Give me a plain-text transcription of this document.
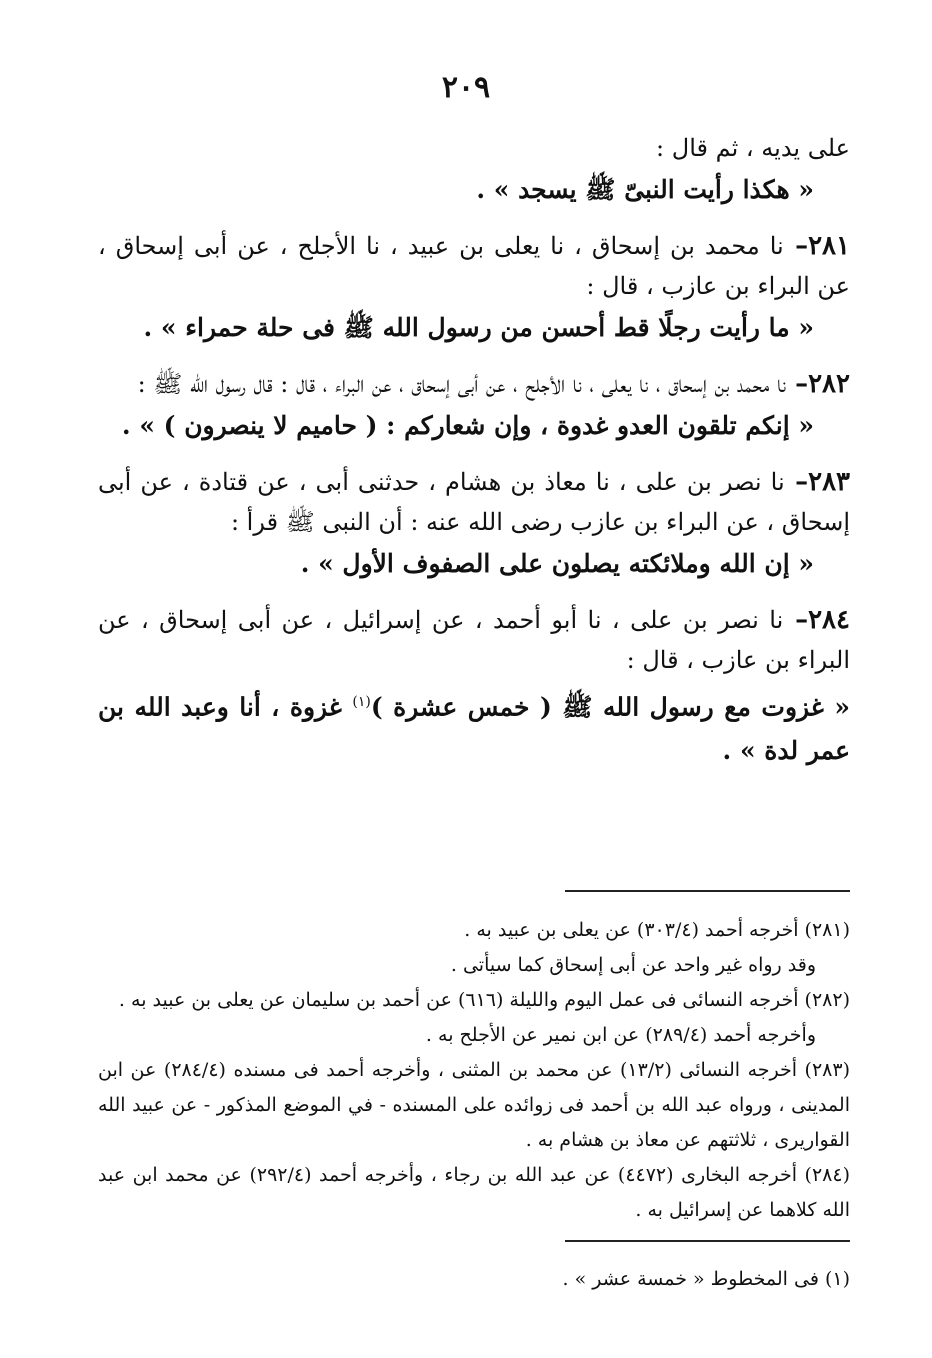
٢٠٩

على يديه ، ثم قال :

« هكذا رأيت النبىّ ﷺ يسجد » .

٢٨١– نا محمد بن إسحاق ، نا يعلى بن عبيد ، نا الأجلح ، عن أبى إسحاق ، عن البراء بن عازب ، قال :

« ما رأيت رجلًا قط أحسن من رسول الله ﷺ فى حلة حمراء » .

٢٨٢– نا محمد بن إسحاق ، نا يعلى ، نا الأجلح ، عن أبى إسحاق ، عن البراء ، قال : قال رسول الله ﷺ :

« إنكم تلقون العدو غدوة ، وإن شعاركم : ( حاميم لا ينصرون ) » .

٢٨٣– نا نصر بن على ، نا معاذ بن هشام ، حدثنى أبى ، عن قتادة ، عن أبى إسحاق ، عن البراء بن عازب رضى الله عنه : أن النبى ﷺ قرأ :

« إن الله وملائكته يصلون على الصفوف الأول » .

٢٨٤– نا نصر بن على ، نا أبو أحمد ، عن إسرائيل ، عن أبى إسحاق ، عن البراء بن عازب ، قال :

« غزوت مع رسول الله ﷺ ( خمس عشرة )$^{(١)}$ غزوة ، أنا وعبد الله بن عمر لدة » .

(٢٨١) أخرجه أحمد (٣٠٣/٤) عن يعلى بن عبيد به .

وقد رواه غير واحد عن أبى إسحاق كما سيأتى .

(٢٨٢) أخرجه النسائى فى عمل اليوم والليلة (٦١٦) عن أحمد بن سليمان عن يعلى بن عبيد به .

وأخرجه أحمد (٢٨٩/٤) عن ابن نمير عن الأجلح به .

(٢٨٣) أخرجه النسائى (١٣/٢) عن محمد بن المثنى ، وأخرجه أحمد فى مسنده (٢٨٤/٤) عن ابن المدينى ، ورواه عبد الله بن أحمد فى زوائده على المسنده - في الموضع المذكور - عن عبيد الله القواريرى ، ثلاثتهم عن معاذ بن هشام به .

(٢٨٤) أخرجه البخارى (٤٤٧٢) عن عبد الله بن رجاء ، وأخرجه أحمد (٢٩٢/٤) عن محمد ابن عبد الله كلاهما عن إسرائيل به .

(١) فى المخطوط « خمسة عشر » .
